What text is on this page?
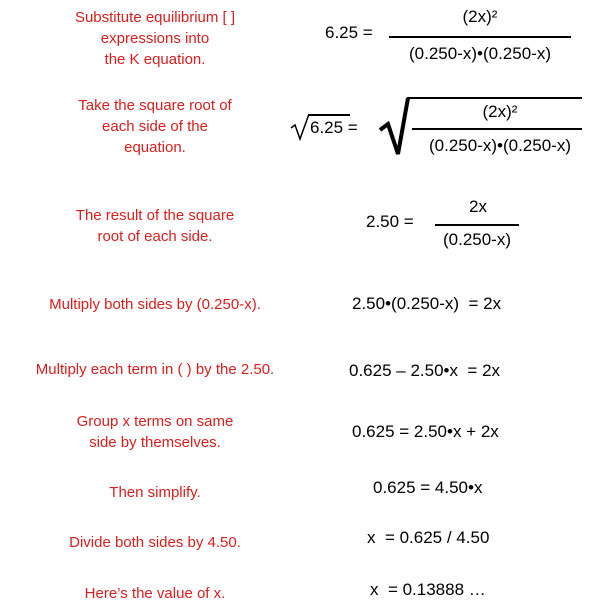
Substitute equilibrium [ ]
expressions into
the K equation.
Take the square root of
each side of the
equation.
The result of the square
root of each side.
Multiply both sides by (0.250-x).
Multiply each term in ( ) by the 2.50.
Group x terms on same
side by themselves.
Then simplify.
Divide both sides by 4.50.
Here’s the value of x.
6.25 =
(2x)²
(0.250-x)•(0.250-x)
6.25 =
(2x)²
(0.250-x)•(0.250-x)
2.50 =
2x
(0.250-x)
2.50•(0.250-x)  = 2x
0.625 – 2.50•x  = 2x
0.625 = 2.50•x + 2x
0.625 = 4.50•x
x  = 0.625 / 4.50
x  = 0.13888 …
